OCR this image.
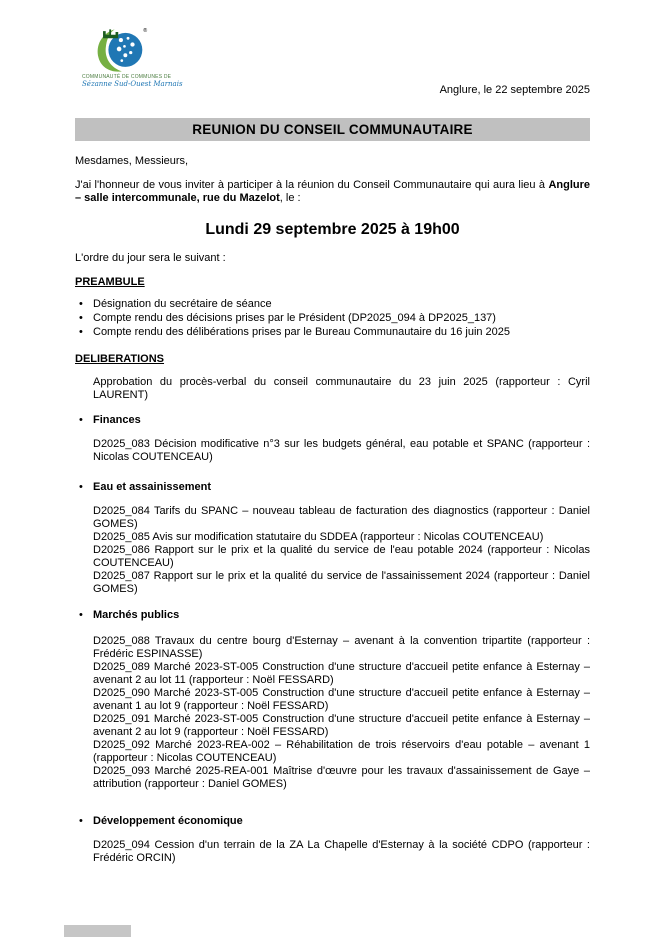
®
COMMUNAUTÉ DE COMMUNES DE
Sézanne Sud-Ouest Marnais	Anglure, le 22 septembre 2025
REUNION DU CONSEIL COMMUNAUTAIRE

Mesdames, Messieurs,

J'ai l'honneur de vous inviter à participer à la réunion du Conseil Communautaire qui aura lieu à Anglure – salle intercommunale, rue du Mazelot, le :

Lundi 29 septembre 2025 à 19h00

L'ordre du jour sera le suivant :

PREAMBULE
• Désignation du secrétaire de séance
• Compte rendu des décisions prises par le Président (DP2025_094 à DP2025_137)
• Compte rendu des délibérations prises par le Bureau Communautaire du 16 juin 2025
DELIBERATIONS

Approbation du procès-verbal du conseil communautaire du 23 juin 2025 (rapporteur : Cyril LAURENT)

• Finances

D2025_083 Décision modificative n°3 sur les budgets général, eau potable et SPANC (rapporteur : Nicolas COUTENCEAU)

• Eau et assainissement

D2025_084 Tarifs du SPANC – nouveau tableau de facturation des diagnostics (rapporteur : Daniel GOMES)

D2025_085 Avis sur modification statutaire du SDDEA (rapporteur : Nicolas COUTENCEAU)

D2025_086 Rapport sur le prix et la qualité du service de l'eau potable 2024 (rapporteur : Nicolas COUTENCEAU)

D2025_087 Rapport sur le prix et la qualité du service de l'assainissement 2024 (rapporteur : Daniel GOMES)

• Marchés publics

D2025_088 Travaux du centre bourg d'Esternay – avenant à la convention tripartite (rapporteur : Frédéric ESPINASSE)

D2025_089 Marché 2023-ST-005 Construction d'une structure d'accueil petite enfance à Esternay – avenant 2 au lot 11 (rapporteur : Noël FESSARD)

D2025_090 Marché 2023-ST-005 Construction d'une structure d'accueil petite enfance à Esternay – avenant 1 au lot 9 (rapporteur : Noël FESSARD)

D2025_091 Marché 2023-ST-005 Construction d'une structure d'accueil petite enfance à Esternay – avenant 2 au lot 9 (rapporteur : Noël FESSARD)

D2025_092 Marché 2023-REA-002 – Réhabilitation de trois réservoirs d'eau potable – avenant 1 (rapporteur : Nicolas COUTENCEAU)

D2025_093 Marché 2025-REA-001 Maîtrise d'œuvre pour les travaux d'assainissement de Gaye – attribution (rapporteur : Daniel GOMES)

• Développement économique

D2025_094 Cession d'un terrain de la ZA La Chapelle d'Esternay à la société CDPO (rapporteur : Frédéric ORCIN)
